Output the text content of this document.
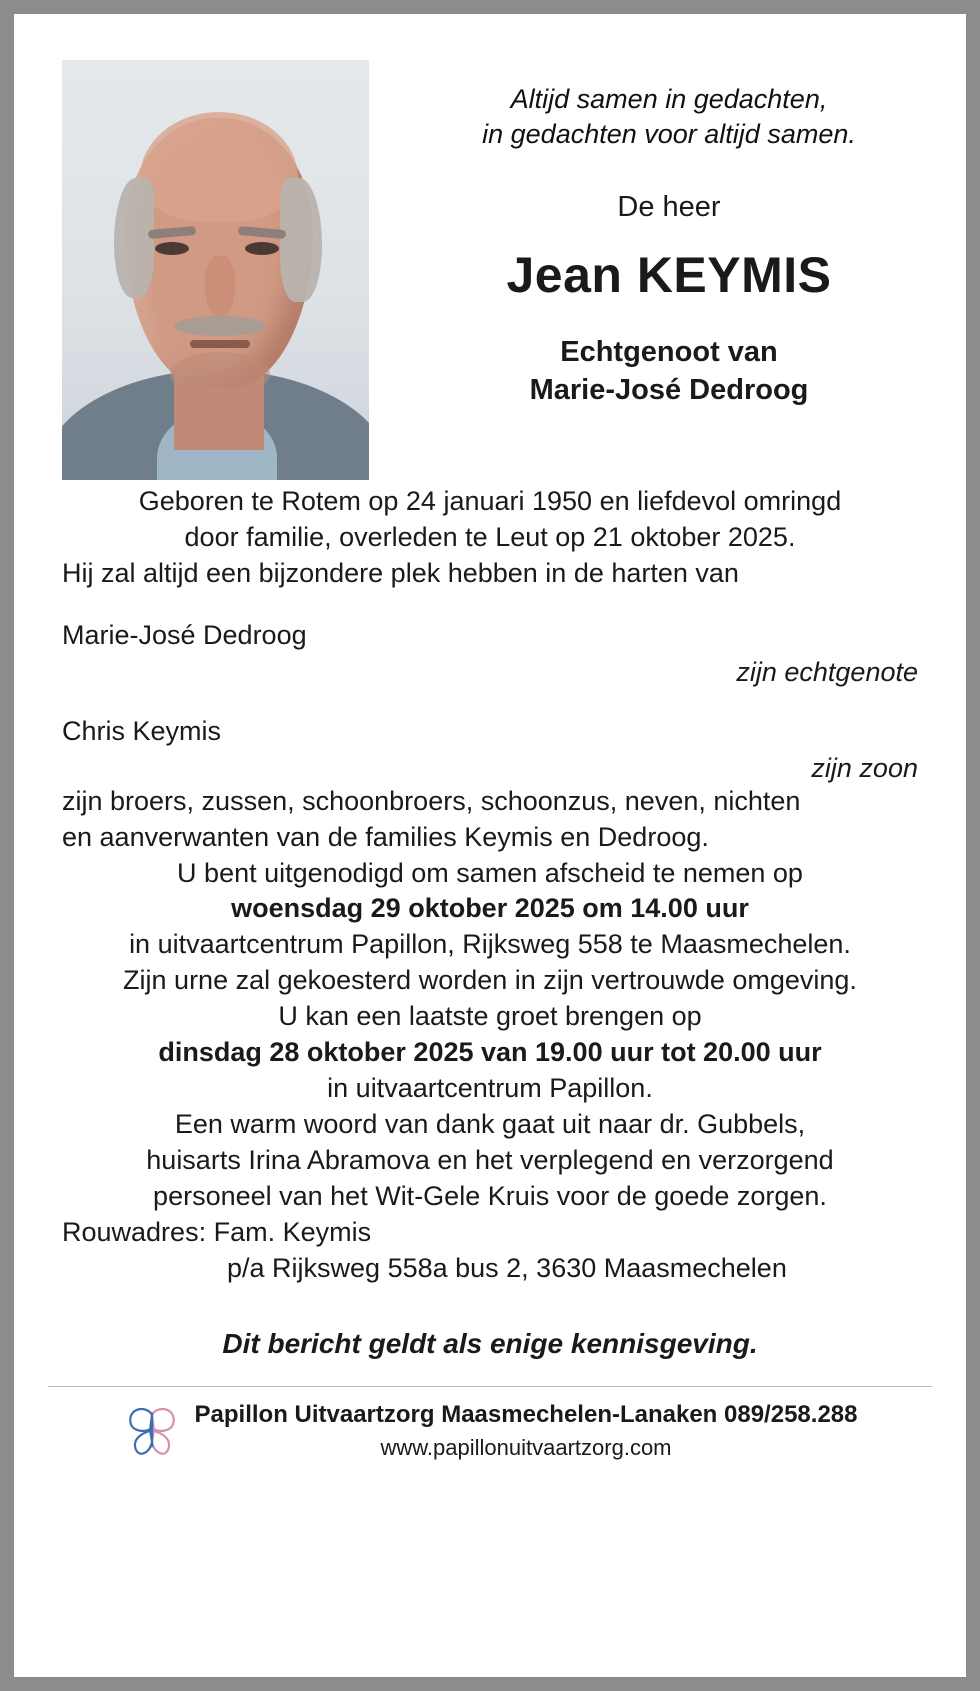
Altijd samen in gedachten,
in gedachten voor altijd samen.
De heer
Jean KEYMIS
Echtgenoot van
Marie-José Dedroog

Geboren te Rotem op 24 januari 1950 en liefdevol omringd
door familie, overleden te Leut op 21 oktober 2025.

Hij zal altijd een bijzondere plek hebben in de harten van

Marie-José Dedroog
zijn echtgenote
Chris Keymis
zijn zoon

zijn broers, zussen, schoonbroers, schoonzus, neven, nichten
en aanverwanten van de families Keymis en Dedroog.

U bent uitgenodigd om samen afscheid te nemen op
woensdag 29 oktober 2025 om 14.00 uur
in uitvaartcentrum Papillon, Rijksweg 558 te Maasmechelen.
Zijn urne zal gekoesterd worden in zijn vertrouwde omgeving.

U kan een laatste groet brengen op
dinsdag 28 oktober 2025 van 19.00 uur tot 20.00 uur
in uitvaartcentrum Papillon.

Een warm woord van dank gaat uit naar dr. Gubbels,
huisarts Irina Abramova en het verplegend en verzorgend
personeel van het Wit-Gele Kruis voor de goede zorgen.

Rouwadres: Fam. Keymis

p/a Rijksweg 558a bus 2, 3630 Maasmechelen

Dit bericht geldt als enige kennisgeving.
Papillon Uitvaartzorg Maasmechelen-Lanaken 089/258.288
www.papillonuitvaartzorg.com
